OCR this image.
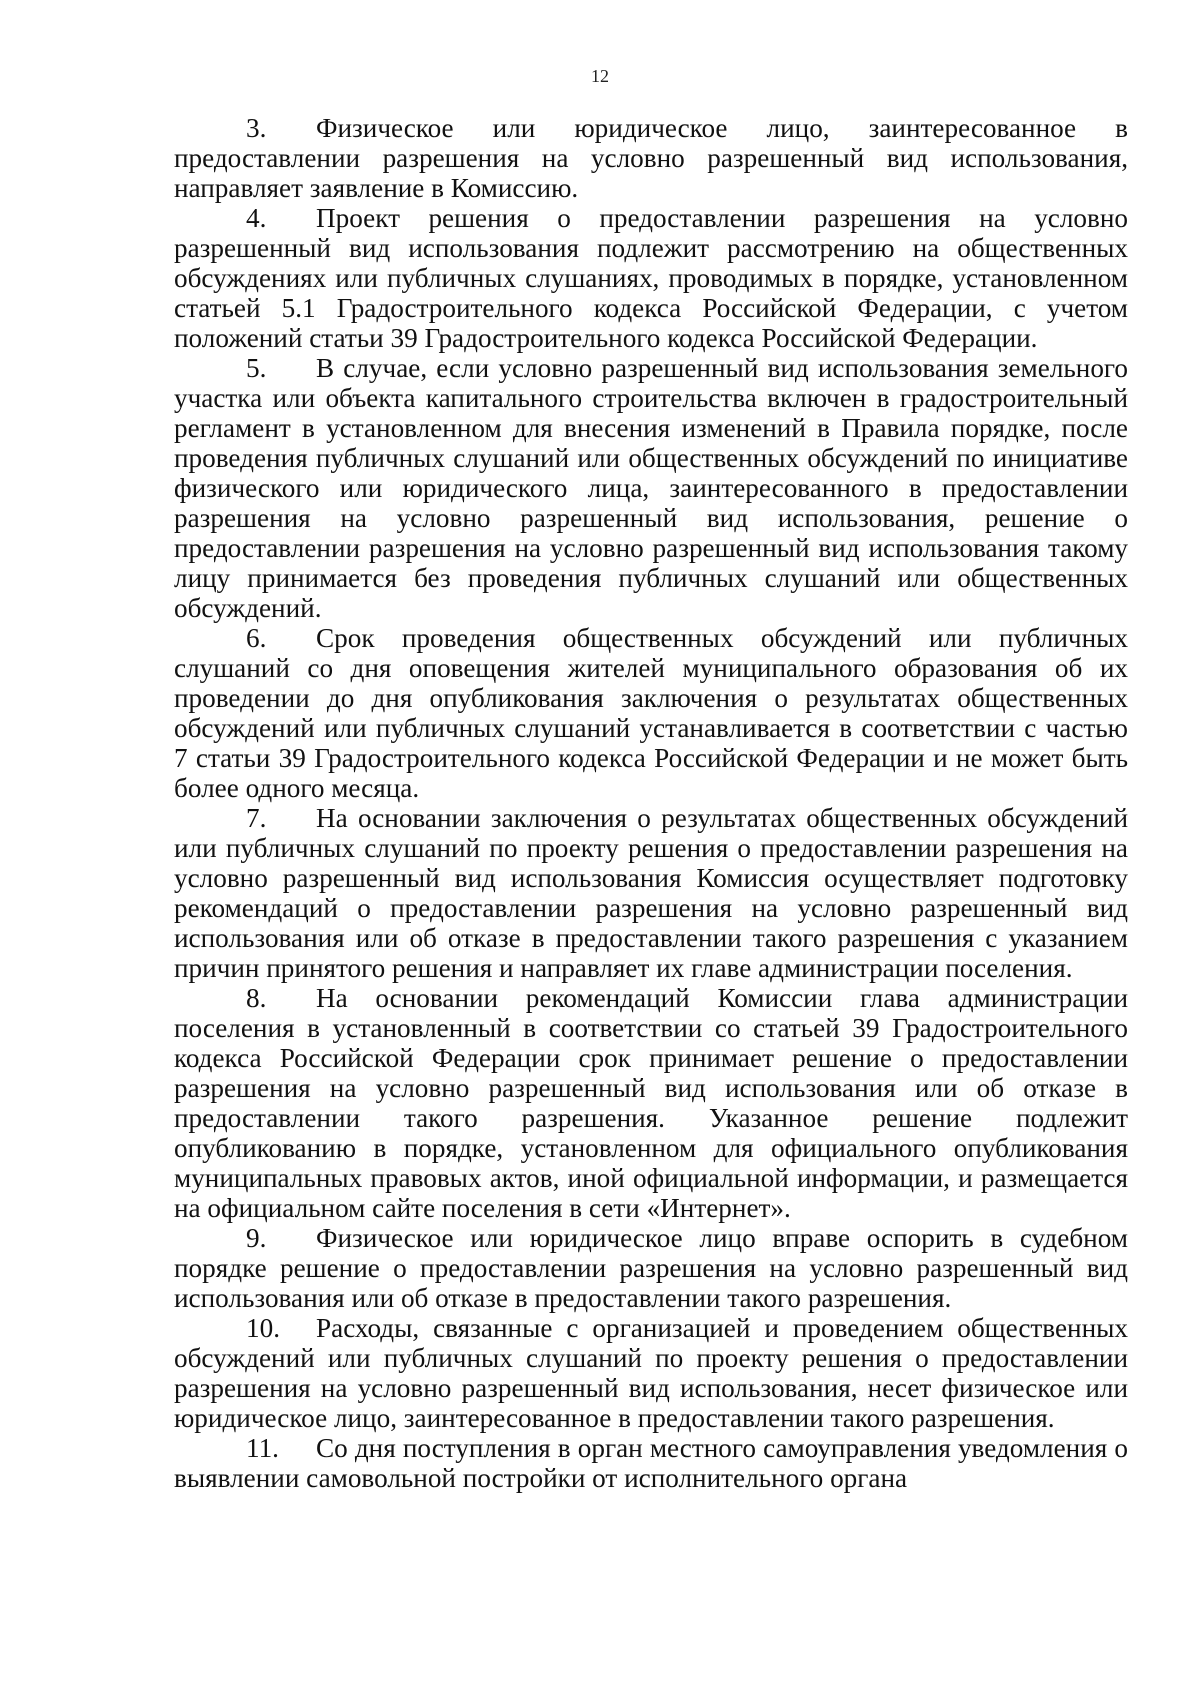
12

3. Физическое или юридическое лицо, заинтересованное в предоставлении разрешения на условно разрешенный вид использования, направляет заявление в Комиссию.

4. Проект решения о предоставлении разрешения на условно разрешенный вид использования подлежит рассмотрению на общественных обсуждениях или публичных слушаниях, проводимых в порядке, установленном статьей 5.1 Градостроительного кодекса Российской Федерации, с учетом положений статьи 39 Градостроительного кодекса Российской Федерации.

5. В случае, если условно разрешенный вид использования земельного участка или объекта капитального строительства включен в градостроительный регламент в установленном для внесения изменений в Правила порядке, после проведения публичных слушаний или общественных обсуждений по инициативе физического или юридического лица, заинтересованного в предоставлении разрешения на условно разрешенный вид использования, решение о предоставлении разрешения на условно разрешенный вид использования такому лицу принимается без проведения публичных слушаний или общественных обсуждений.

6. Срок проведения общественных обсуждений или публичных слушаний со дня оповещения жителей муниципального образования об их проведении до дня опубликования заключения о результатах общественных обсуждений или публичных слушаний устанавливается в соответствии с частью 7 статьи 39 Градостроительного кодекса Российской Федерации и не может быть более одного месяца.

7. На основании заключения о результатах общественных обсуждений или публичных слушаний по проекту решения о предоставлении разрешения на условно разрешенный вид использования Комиссия осуществляет подготовку рекомендаций о предоставлении разрешения на условно разрешенный вид использования или об отказе в предоставлении такого разрешения с указанием причин принятого решения и направляет их главе администрации поселения.

8. На основании рекомендаций Комиссии глава администрации поселения в установленный в соответствии со статьей 39 Градостроительного кодекса Российской Федерации срок принимает решение о предоставлении разрешения на условно разрешенный вид использования или об отказе в предоставлении такого разрешения. Указанное решение подлежит опубликованию в порядке, установленном для официального опубликования муниципальных правовых актов, иной официальной информации, и размещается на официальном сайте поселения в сети «Интернет».

9. Физическое или юридическое лицо вправе оспорить в судебном порядке решение о предоставлении разрешения на условно разрешенный вид использования или об отказе в предоставлении такого разрешения.

10. Расходы, связанные с организацией и проведением общественных обсуждений или публичных слушаний по проекту решения о предоставлении разрешения на условно разрешенный вид использования, несет физическое или юридическое лицо, заинтересованное в предоставлении такого разрешения.

11. Со дня поступления в орган местного самоуправления уведомления о выявлении самовольной постройки от исполнительного органа
